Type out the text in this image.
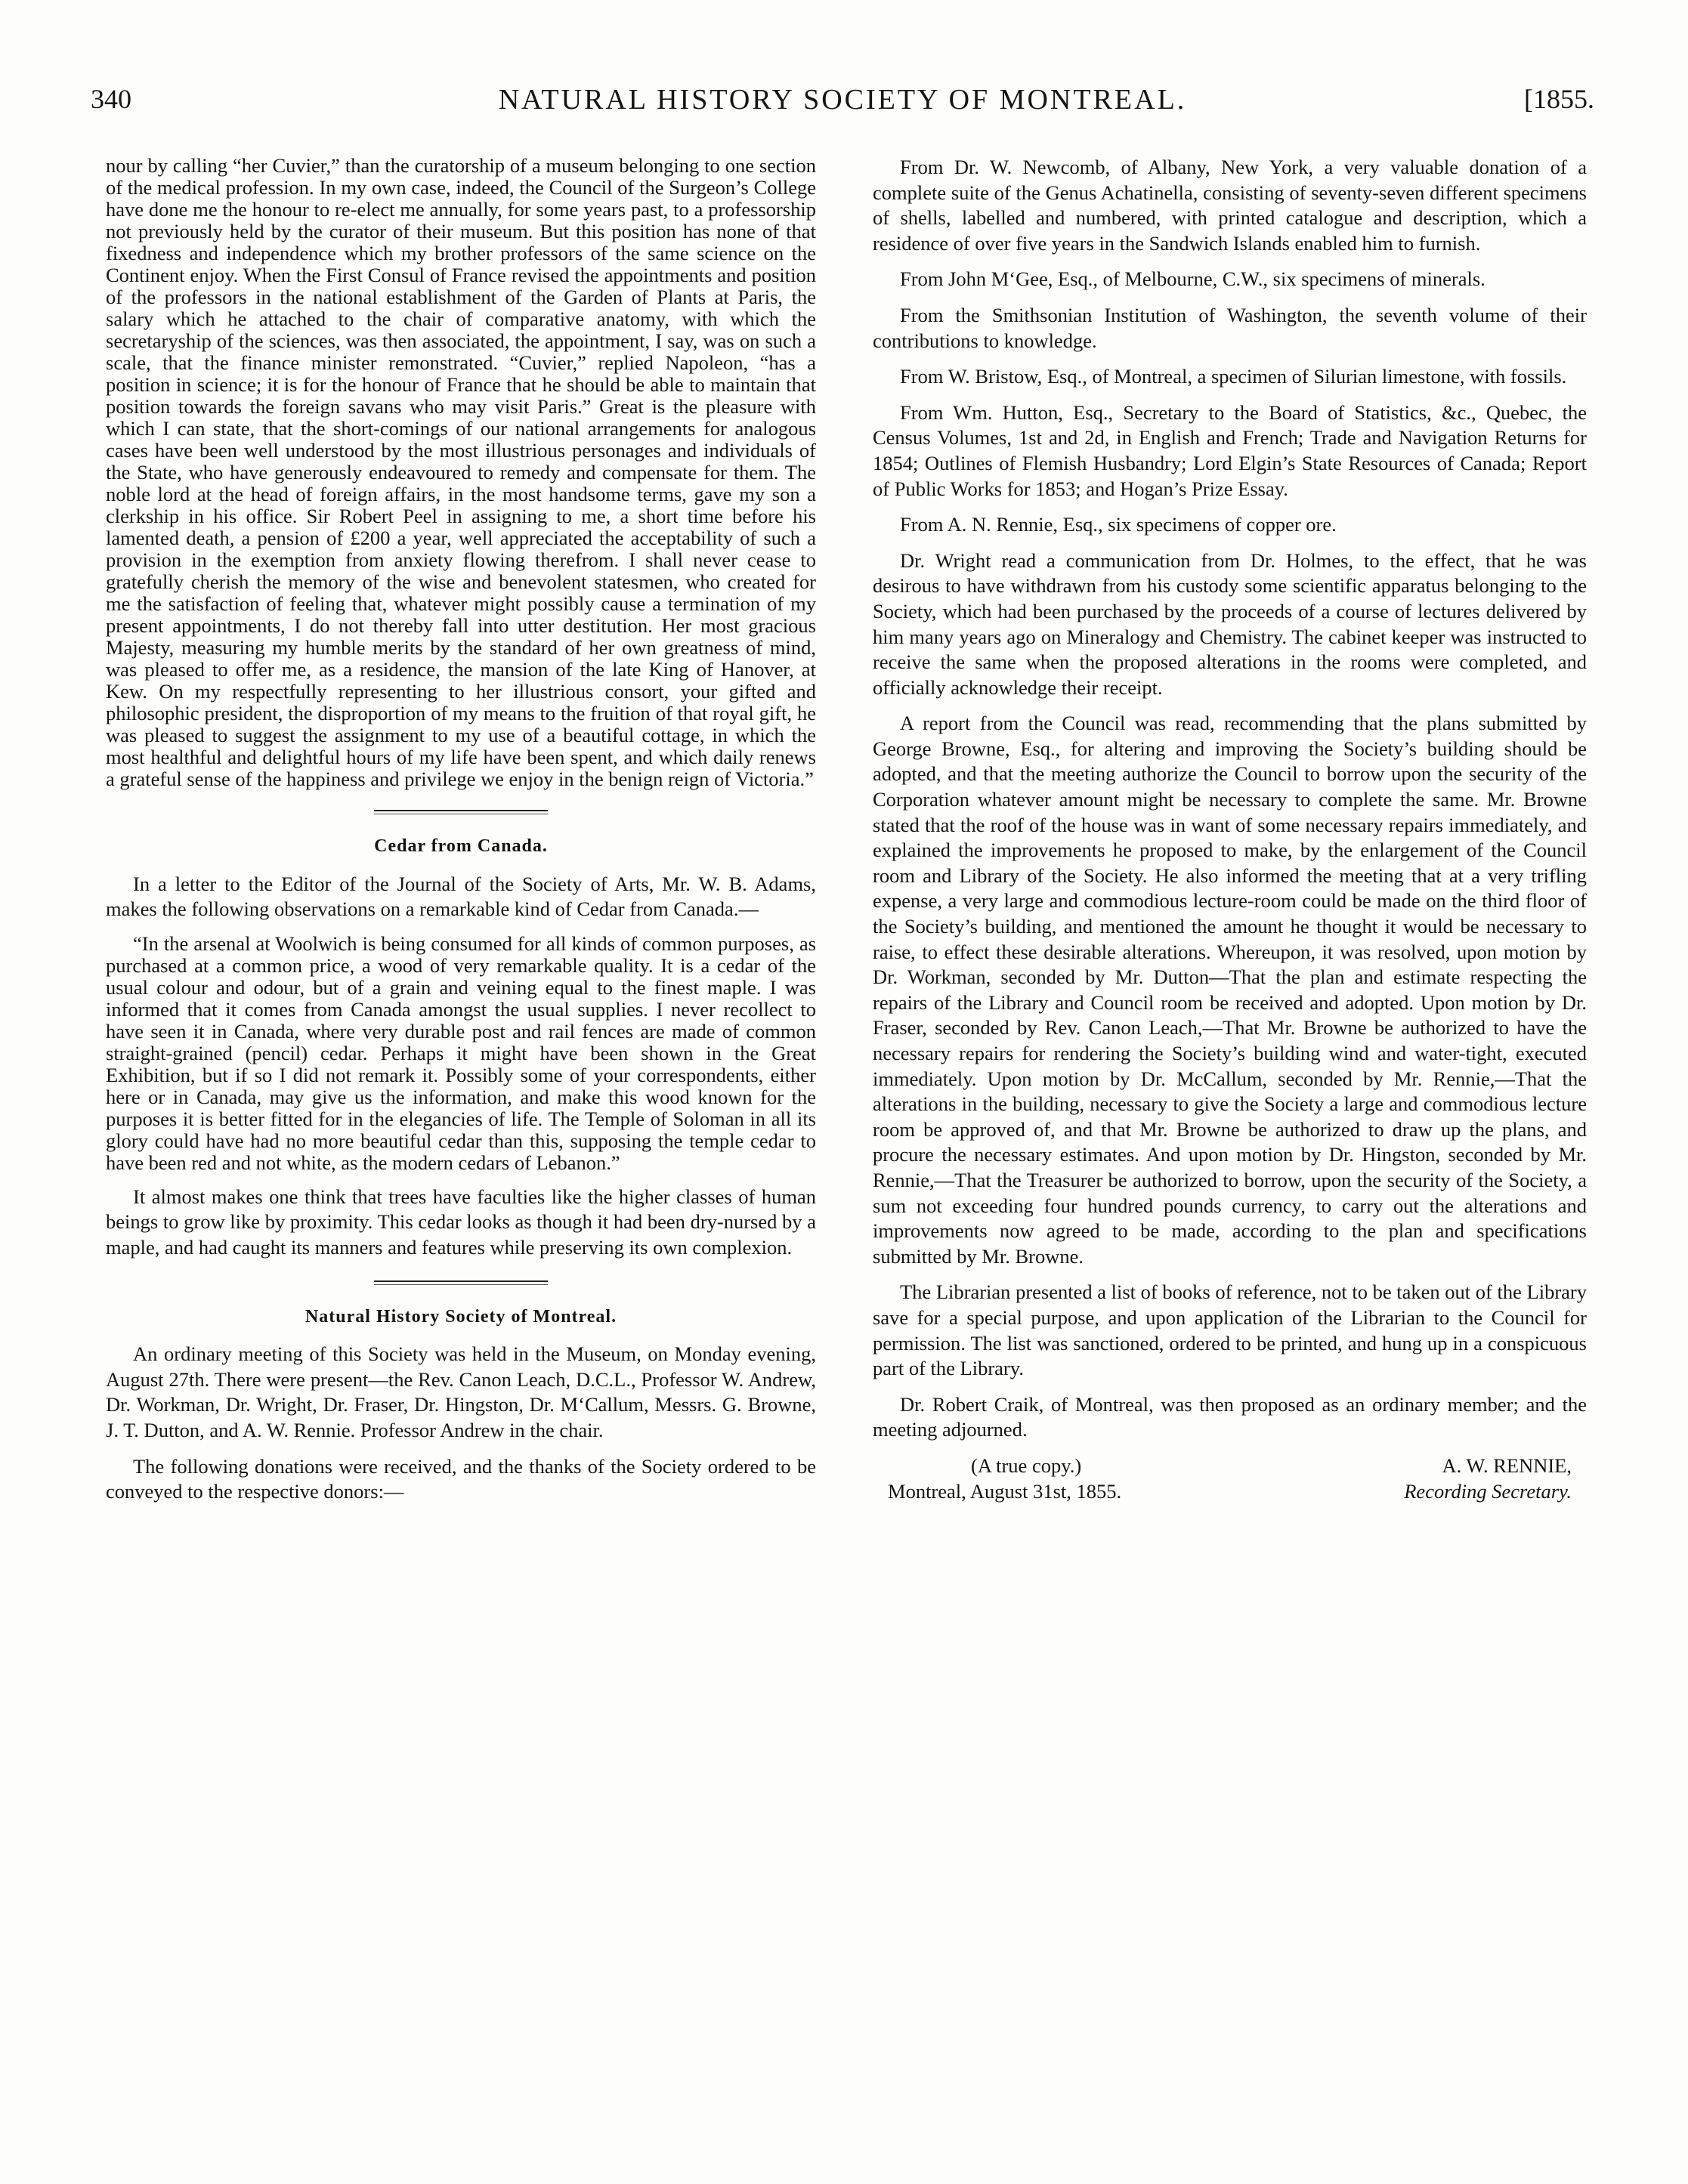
340	NATURAL HISTORY SOCIETY OF MONTREAL.	[1855.

nour by calling “her Cuvier,” than the curatorship of a museum belonging to one section of the medical profession. In my own case, indeed, the Council of the Surgeon’s College have done me the honour to re-elect me annually, for some years past, to a professorship not previously held by the curator of their museum. But this position has none of that fixedness and independence which my brother professors of the same science on the Continent enjoy. When the First Consul of France revised the appointments and position of the professors in the national establishment of the Garden of Plants at Paris, the salary which he attached to the chair of comparative anatomy, with which the secretaryship of the sciences, was then associated, the appointment, I say, was on such a scale, that the finance minister remonstrated. “Cuvier,” replied Napoleon, “has a position in science; it is for the honour of France that he should be able to maintain that position towards the foreign savans who may visit Paris.” Great is the pleasure with which I can state, that the short-comings of our national arrangements for analogous cases have been well understood by the most illustrious personages and individuals of the State, who have generously endeavoured to remedy and compensate for them. The noble lord at the head of foreign affairs, in the most handsome terms, gave my son a clerkship in his office. Sir Robert Peel in assigning to me, a short time before his lamented death, a pension of £200 a year, well appreciated the acceptability of such a provision in the exemption from anxiety flowing therefrom. I shall never cease to gratefully cherish the memory of the wise and benevolent statesmen, who created for me the satisfaction of feeling that, whatever might possibly cause a termination of my present appointments, I do not thereby fall into utter destitution. Her most gracious Majesty, measuring my humble merits by the standard of her own greatness of mind, was pleased to offer me, as a residence, the mansion of the late King of Hanover, at Kew. On my respectfully representing to her illustrious consort, your gifted and philosophic president, the disproportion of my means to the fruition of that royal gift, he was pleased to suggest the assignment to my use of a beautiful cottage, in which the most healthful and delightful hours of my life have been spent, and which daily renews a grateful sense of the happiness and privilege we enjoy in the benign reign of Victoria.”

Cedar from Canada.

In a letter to the Editor of the Journal of the Society of Arts, Mr. W. B. Adams, makes the following observations on a remarkable kind of Cedar from Canada.—

“In the arsenal at Woolwich is being consumed for all kinds of common purposes, as purchased at a common price, a wood of very remarkable quality. It is a cedar of the usual colour and odour, but of a grain and veining equal to the finest maple. I was informed that it comes from Canada amongst the usual supplies. I never recollect to have seen it in Canada, where very durable post and rail fences are made of common straight-grained (pencil) cedar. Perhaps it might have been shown in the Great Exhibition, but if so I did not remark it. Possibly some of your correspondents, either here or in Canada, may give us the information, and make this wood known for the purposes it is better fitted for in the elegancies of life. The Temple of Soloman in all its glory could have had no more beautiful cedar than this, supposing the temple cedar to have been red and not white, as the modern cedars of Lebanon.”

It almost makes one think that trees have faculties like the higher classes of human beings to grow like by proximity. This cedar looks as though it had been dry-nursed by a maple, and had caught its manners and features while preserving its own complexion.

Natural History Society of Montreal.

An ordinary meeting of this Society was held in the Museum, on Monday evening, August 27th. There were present—the Rev. Canon Leach, D.C.L., Professor W. Andrew, Dr. Workman, Dr. Wright, Dr. Fraser, Dr. Hingston, Dr. M‘Callum, Messrs. G. Browne, J. T. Dutton, and A. W. Rennie. Professor Andrew in the chair.

The following donations were received, and the thanks of the Society ordered to be conveyed to the respective donors:—

From Dr. W. Newcomb, of Albany, New York, a very valuable donation of a complete suite of the Genus Achatinella, consisting of seventy-seven different specimens of shells, labelled and numbered, with printed catalogue and description, which a residence of over five years in the Sandwich Islands enabled him to furnish.

From John M‘Gee, Esq., of Melbourne, C.W., six specimens of minerals.

From the Smithsonian Institution of Washington, the seventh volume of their contributions to knowledge.

From W. Bristow, Esq., of Montreal, a specimen of Silurian limestone, with fossils.

From Wm. Hutton, Esq., Secretary to the Board of Statistics, &c., Quebec, the Census Volumes, 1st and 2d, in English and French; Trade and Navigation Returns for 1854; Outlines of Flemish Husbandry; Lord Elgin’s State Resources of Canada; Report of Public Works for 1853; and Hogan’s Prize Essay.

From A. N. Rennie, Esq., six specimens of copper ore.

Dr. Wright read a communication from Dr. Holmes, to the effect, that he was desirous to have withdrawn from his custody some scientific apparatus belonging to the Society, which had been purchased by the proceeds of a course of lectures delivered by him many years ago on Mineralogy and Chemistry. The cabinet keeper was instructed to receive the same when the proposed alterations in the rooms were completed, and officially acknowledge their receipt.

A report from the Council was read, recommending that the plans submitted by George Browne, Esq., for altering and improving the Society’s building should be adopted, and that the meeting authorize the Council to borrow upon the security of the Corporation whatever amount might be necessary to complete the same. Mr. Browne stated that the roof of the house was in want of some necessary repairs immediately, and explained the improvements he proposed to make, by the enlargement of the Council room and Library of the Society. He also informed the meeting that at a very trifling expense, a very large and commodious lecture-room could be made on the third floor of the Society’s building, and mentioned the amount he thought it would be necessary to raise, to effect these desirable alterations. Whereupon, it was resolved, upon motion by Dr. Workman, seconded by Mr. Dutton—That the plan and estimate respecting the repairs of the Library and Council room be received and adopted. Upon motion by Dr. Fraser, seconded by Rev. Canon Leach,—That Mr. Browne be authorized to have the necessary repairs for rendering the Society’s building wind and water-tight, executed immediately. Upon motion by Dr. McCallum, seconded by Mr. Rennie,—That the alterations in the building, necessary to give the Society a large and commodious lecture room be approved of, and that Mr. Browne be authorized to draw up the plans, and procure the necessary estimates. And upon motion by Dr. Hingston, seconded by Mr. Rennie,—That the Treasurer be authorized to borrow, upon the security of the Society, a sum not exceeding four hundred pounds currency, to carry out the alterations and improvements now agreed to be made, according to the plan and specifications submitted by Mr. Browne.

The Librarian presented a list of books of reference, not to be taken out of the Library save for a special purpose, and upon application of the Librarian to the Council for permission. The list was sanctioned, ordered to be printed, and hung up in a conspicuous part of the Library.

Dr. Robert Craik, of Montreal, was then proposed as an ordinary member; and the meeting adjourned.

(A true copy.)	A. W. RENNIE,
Montreal, August 31st, 1855.	Recording Secretary.
